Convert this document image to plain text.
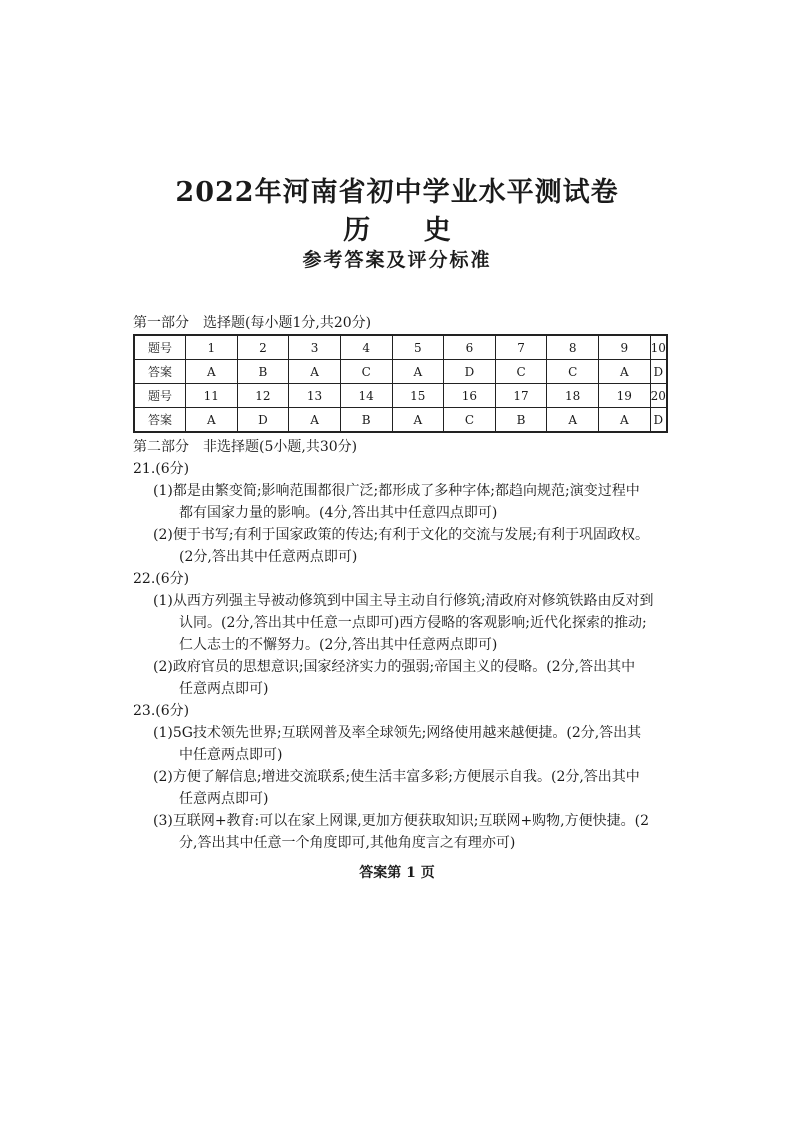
2022年河南省初中学业水平测试卷
历 史
参考答案及评分标准
第一部分　选择题(每小题1分,共20分)
题号	1	2	3	4	5	6	7	8	9	10
答案	A	B	A	C	A	D	C	C	A	D
题号	11	12	13	14	15	16	17	18	19	20
答案	A	D	A	B	A	C	B	A	A	D
第二部分　非选择题(5小题,共30分)

21.(6分)

(1)都是由繁变简;影响范围都很广泛;都形成了多种字体;都趋向规范;演变过程中

都有国家力量的影响。(4分,答出其中任意四点即可)

(2)便于书写;有利于国家政策的传达;有利于文化的交流与发展;有利于巩固政权。

(2分,答出其中任意两点即可)

22.(6分)

(1)从西方列强主导被动修筑到中国主导主动自行修筑;清政府对修筑铁路由反对到

认同。(2分,答出其中任意一点即可)西方侵略的客观影响;近代化探索的推动;

仁人志士的不懈努力。(2分,答出其中任意两点即可)

(2)政府官员的思想意识;国家经济实力的强弱;帝国主义的侵略。(2分,答出其中

任意两点即可)

23.(6分)

(1)5G技术领先世界;互联网普及率全球领先;网络使用越来越便捷。(2分,答出其

中任意两点即可)

(2)方便了解信息;增进交流联系;使生活丰富多彩;方便展示自我。(2分,答出其中

任意两点即可)

(3)互联网+教育:可以在家上网课,更加方便获取知识;互联网+购物,方便快捷。(2

分,答出其中任意一个角度即可,其他角度言之有理亦可)

答案第 1 页
